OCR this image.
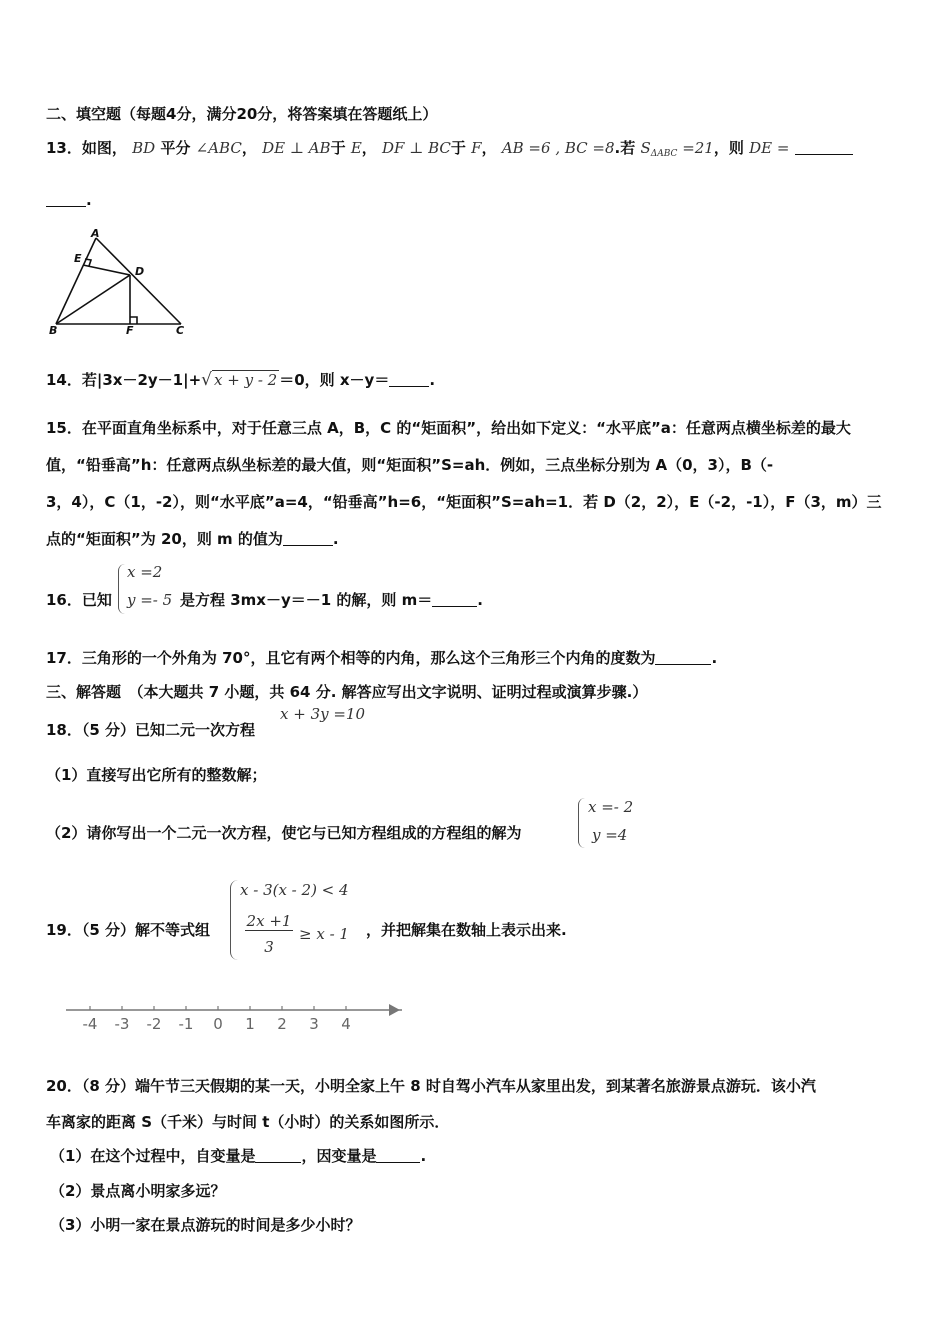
二、填空题（每题4分，满分20分，将答案填在答题纸上）
13．如图， BD 平分 ∠ABC， DE ⊥ AB于 E， DF ⊥ BC于 F， AB =6 , BC =8.若 $S_{\Delta ABC} =21$，则 DE =
.
A
E
D
B	F	C
14．若|3x－2y－1|+√ x + y - 2 ＝0，则 x－y＝	.
15．在平面直角坐标系中，对于任意三点 A，B，C 的“矩面积”，给出如下定义：“水平底”a：任意两点横坐标差的最大
值，“铅垂高”h：任意两点纵坐标差的最大值，则“矩面积”S=ah．例如，三点坐标分别为 A（0，3），B（-
3，4），C（1，-2），则“水平底”a=4，“铅垂高”h=6，“矩面积”S=ah=1．若 D（2，2），E（-2，-1），F（3，m）三
点的“矩面积”为 20，则 m 的值为	.
16．已知
x =2
y =- 5 是方程 3mx－y＝－1 的解，则 m＝	.
17．三角形的一个外角为 70°，且它有两个相等的内角，那么这个三角形三个内角的度数为	.
三、解答题　（本大题共 7 小题，共 64 分. 解答应写出文字说明、证明过程或演算步骤.）
18．（5 分）已知二元一次方程
x + 3y =10
（1）直接写出它所有的整数解；
（2）请你写出一个二元一次方程，使它与已知方程组成的方程组的解为
x =- 2
y =4
19．（5 分）解不等式组
x - 3(x - 2) < 4
2x +1
3
≥ x - 1 ，并把解集在数轴上表示出来.
-4 -3 -2 -1 0 1 2 3 4
20．（8 分）端午节三天假期的某一天，小明全家上午 8 时自驾小汽车从家里出发，到某著名旅游景点游玩．该小汽
车离家的距离 S（千米）与时间 t（小时）的关系如图所示．
（1）在这个过程中，自变量是	，因变量是	.
（2）景点离小明家多远？
（3）小明一家在景点游玩的时间是多少小时？
